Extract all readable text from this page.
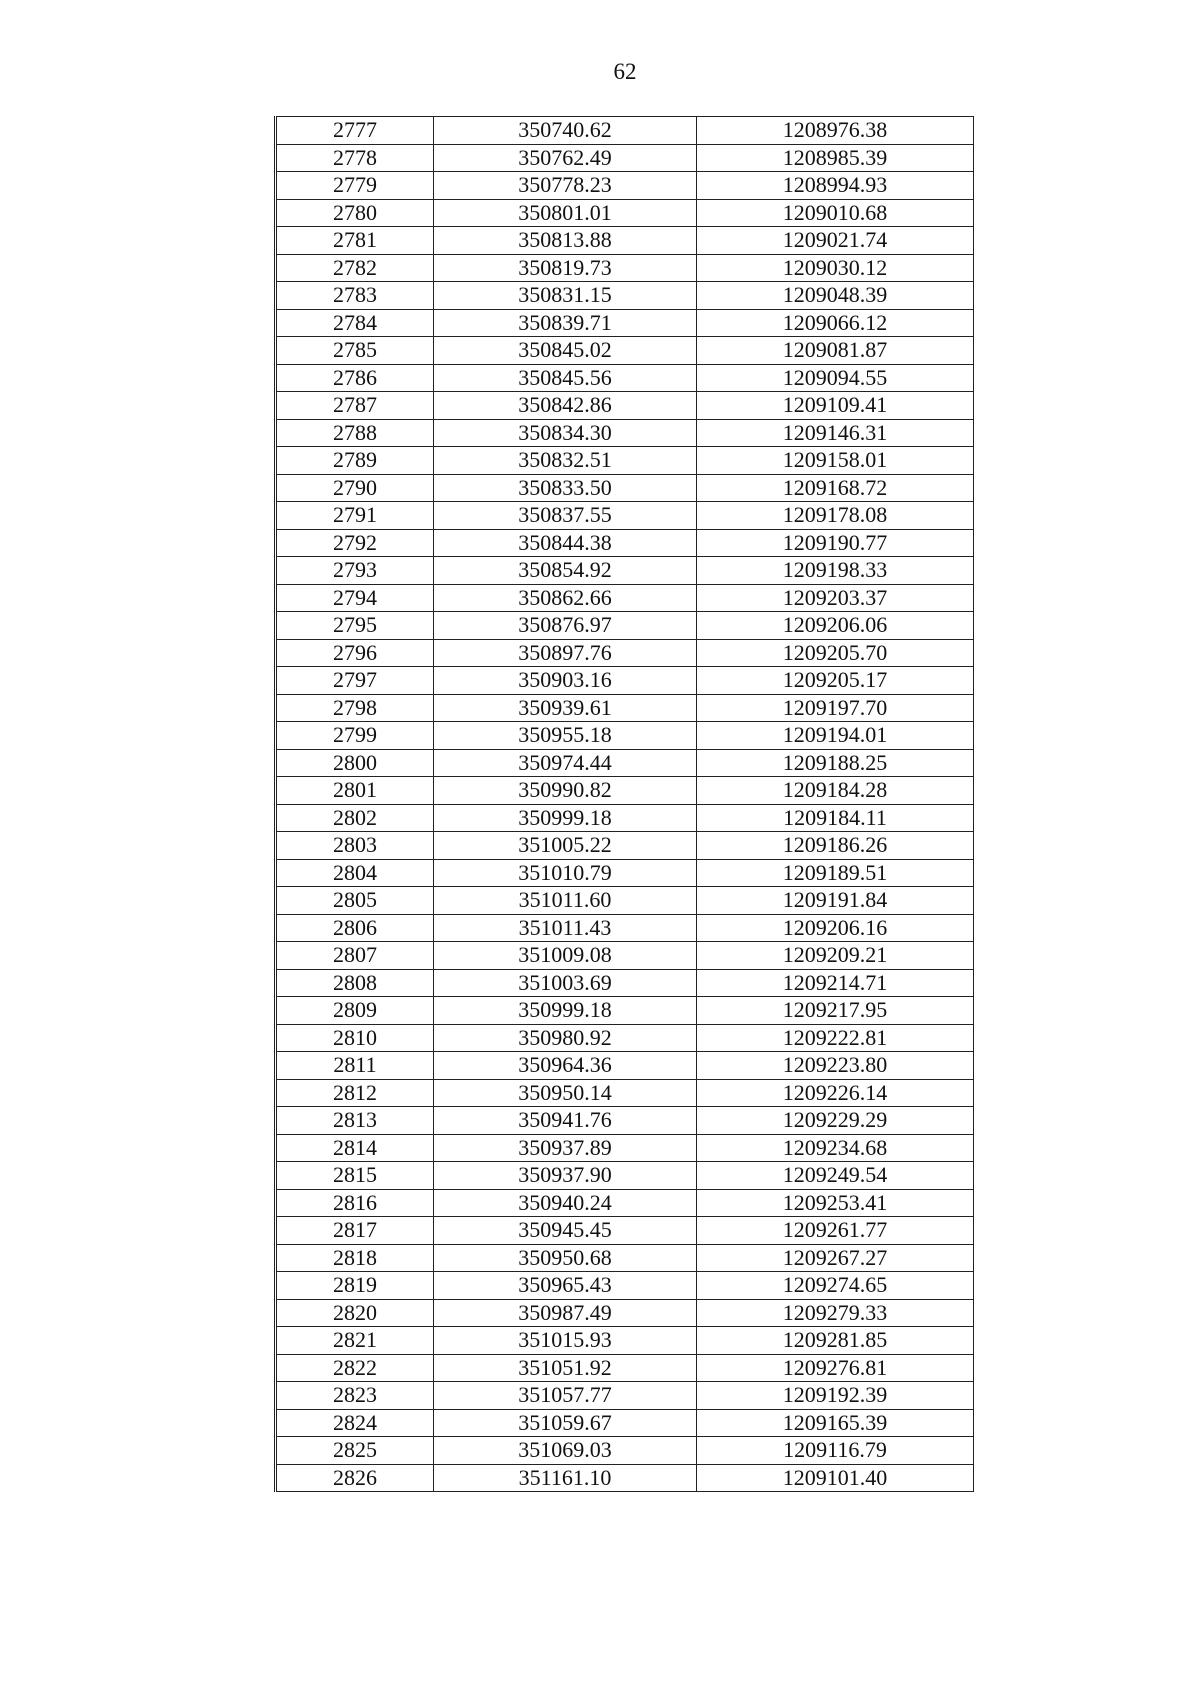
62
2777	350740.62	1208976.38
2778	350762.49	1208985.39
2779	350778.23	1208994.93
2780	350801.01	1209010.68
2781	350813.88	1209021.74
2782	350819.73	1209030.12
2783	350831.15	1209048.39
2784	350839.71	1209066.12
2785	350845.02	1209081.87
2786	350845.56	1209094.55
2787	350842.86	1209109.41
2788	350834.30	1209146.31
2789	350832.51	1209158.01
2790	350833.50	1209168.72
2791	350837.55	1209178.08
2792	350844.38	1209190.77
2793	350854.92	1209198.33
2794	350862.66	1209203.37
2795	350876.97	1209206.06
2796	350897.76	1209205.70
2797	350903.16	1209205.17
2798	350939.61	1209197.70
2799	350955.18	1209194.01
2800	350974.44	1209188.25
2801	350990.82	1209184.28
2802	350999.18	1209184.11
2803	351005.22	1209186.26
2804	351010.79	1209189.51
2805	351011.60	1209191.84
2806	351011.43	1209206.16
2807	351009.08	1209209.21
2808	351003.69	1209214.71
2809	350999.18	1209217.95
2810	350980.92	1209222.81
2811	350964.36	1209223.80
2812	350950.14	1209226.14
2813	350941.76	1209229.29
2814	350937.89	1209234.68
2815	350937.90	1209249.54
2816	350940.24	1209253.41
2817	350945.45	1209261.77
2818	350950.68	1209267.27
2819	350965.43	1209274.65
2820	350987.49	1209279.33
2821	351015.93	1209281.85
2822	351051.92	1209276.81
2823	351057.77	1209192.39
2824	351059.67	1209165.39
2825	351069.03	1209116.79
2826	351161.10	1209101.40
